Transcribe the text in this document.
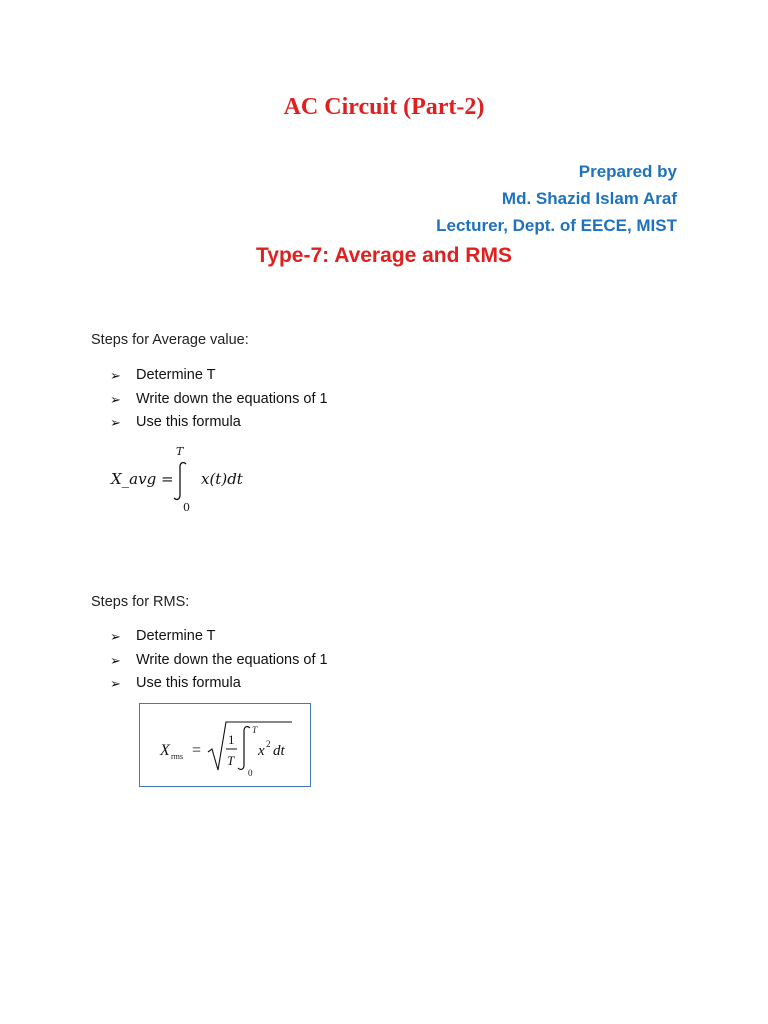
AC Circuit (Part-2)
Prepared by
Md. Shazid Islam Araf
Lecturer, Dept. of EECE, MIST
Type-7: Average and RMS
Steps for Average value:
➢ Determine T
➢ Write down the equations of 1
➢ Use this formula
X_avg =
T
0
x(t)dt
Steps for RMS:
➢ Determine T
➢ Write down the equations of 1
➢ Use this formula
X rms =
1
T
T
0
x 2 dt
